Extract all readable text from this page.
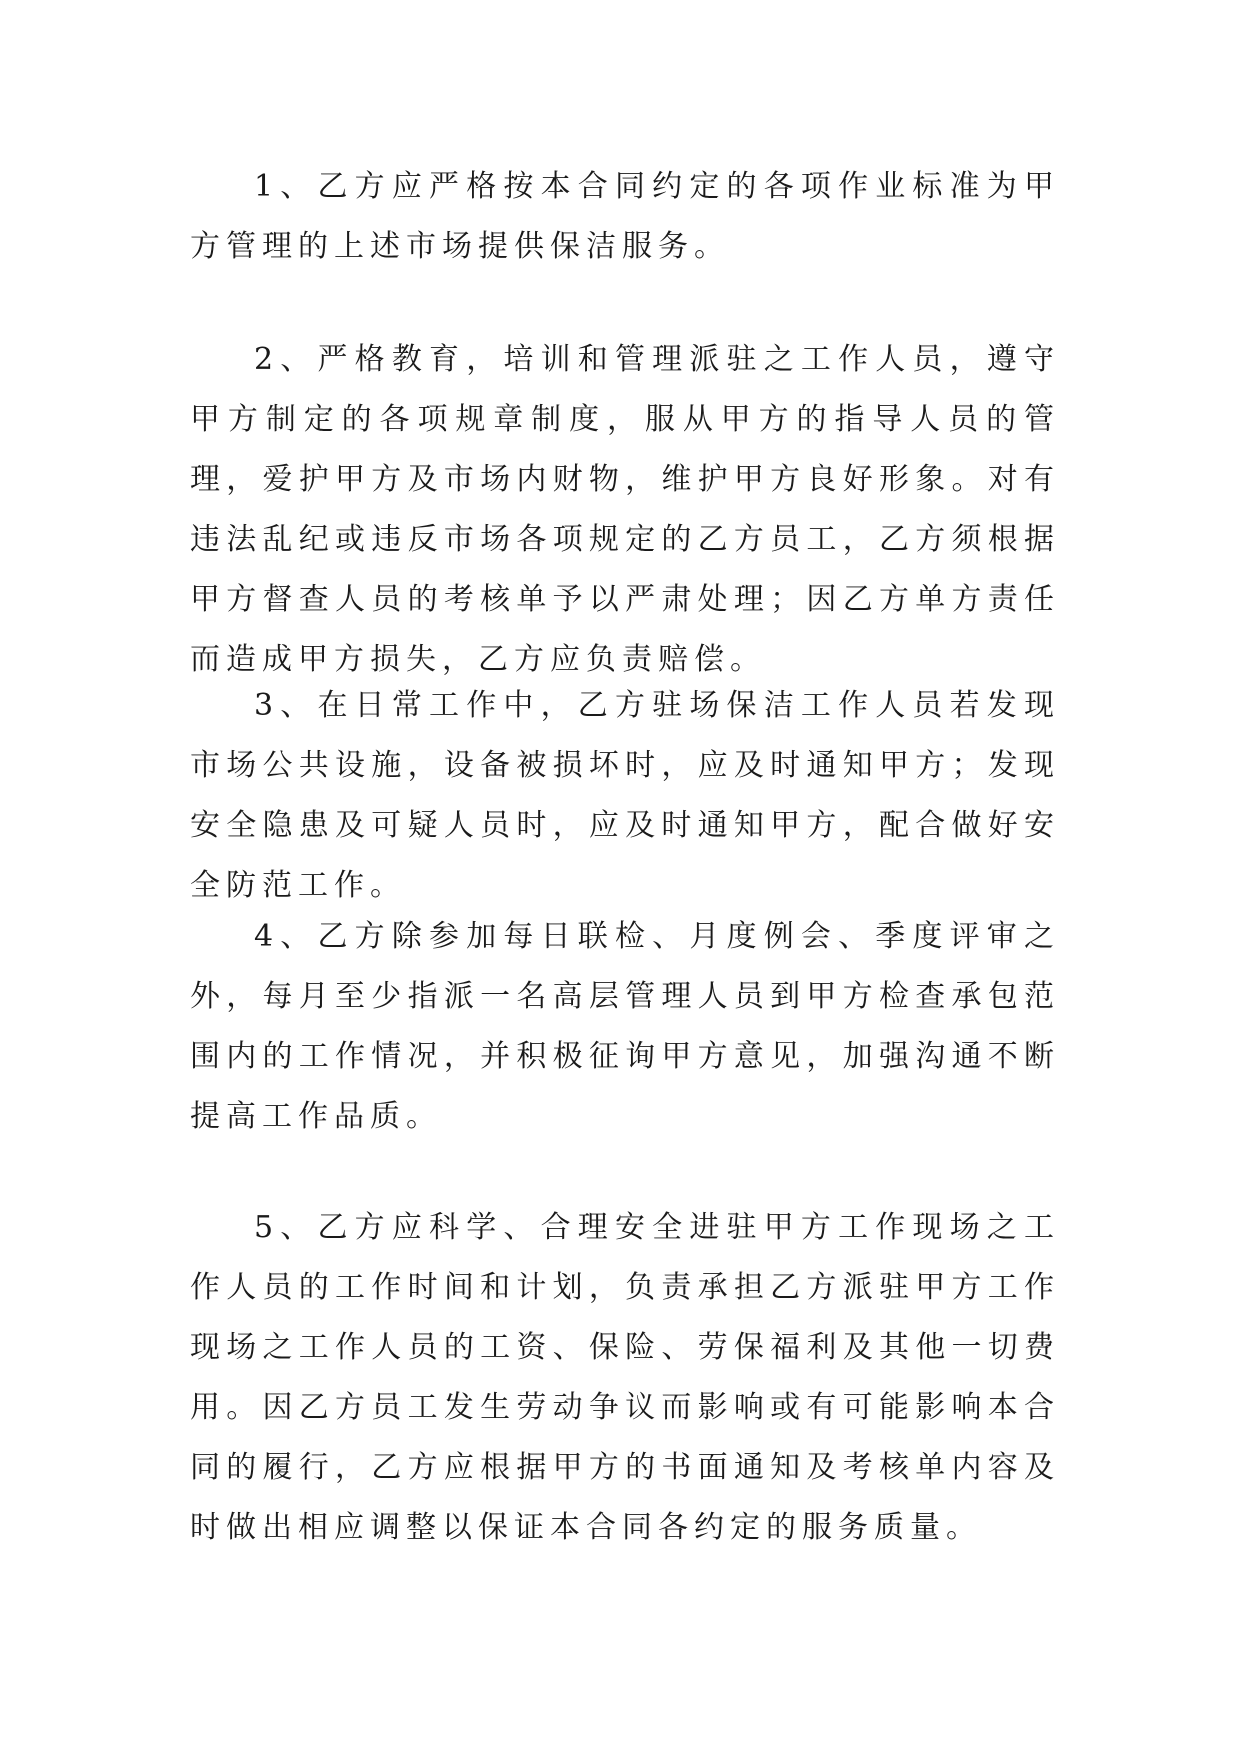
1、乙方应严格按本合同约定的各项作业标准为甲方管理的上述市场提供保洁服务。

2、严格教育，培训和管理派驻之工作人员，遵守甲方制定的各项规章制度，服从甲方的指导人员的管理，爱护甲方及市场内财物，维护甲方良好形象。对有违法乱纪或违反市场各项规定的乙方员工，乙方须根据甲方督查人员的考核单予以严肃处理；因乙方单方责任而造成甲方损失，乙方应负责赔偿。

3、在日常工作中，乙方驻场保洁工作人员若发现市场公共设施，设备被损坏时，应及时通知甲方；发现安全隐患及可疑人员时，应及时通知甲方，配合做好安全防范工作。

4、乙方除参加每日联检、月度例会、季度评审之外，每月至少指派一名高层管理人员到甲方检查承包范围内的工作情况，并积极征询甲方意见，加强沟通不断提高工作品质。

5、乙方应科学、合理安全进驻甲方工作现场之工作人员的工作时间和计划，负责承担乙方派驻甲方工作现场之工作人员的工资、保险、劳保福利及其他一切费用。因乙方员工发生劳动争议而影响或有可能影响本合同的履行，乙方应根据甲方的书面通知及考核单内容及时做出相应调整以保证本合同各约定的服务质量。
